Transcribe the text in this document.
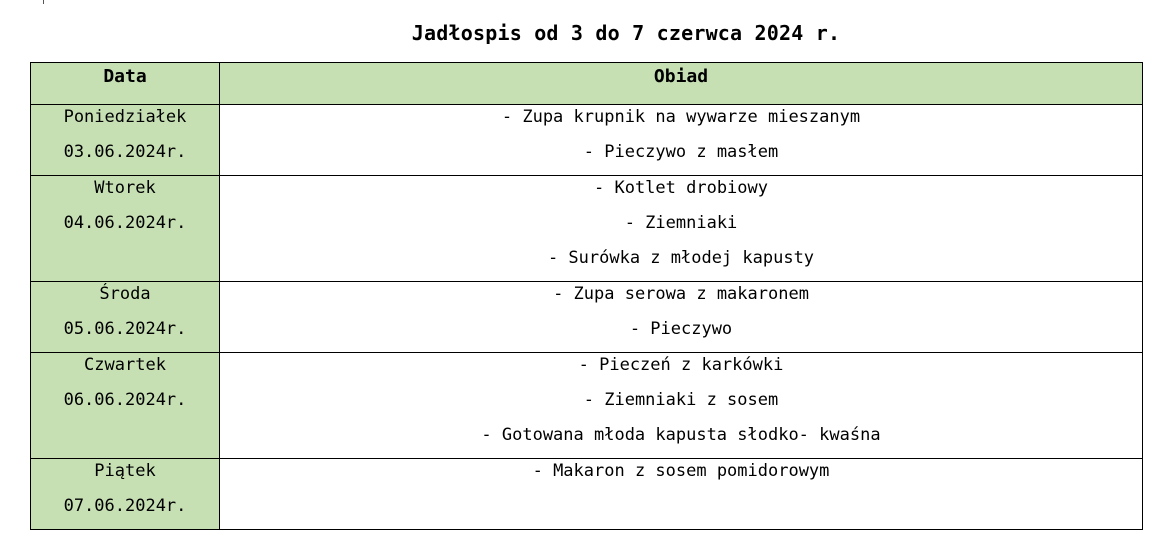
Jadłospis od 3 do 7 czerwca 2024 r.
Data	Obiad

Poniedziałek
03.06.2024r.	- Zupa krupnik na wywarze mieszanym
- Pieczywo z masłem

Wtorek
04.06.2024r.	- Kotlet drobiowy
- Ziemniaki
- Surówka z młodej kapusty

Środa
05.06.2024r.	- Zupa serowa z makaronem
- Pieczywo

Czwartek
06.06.2024r.	- Pieczeń z karkówki
- Ziemniaki z sosem
- Gotowana młoda kapusta słodko- kwaśna

Piątek
07.06.2024r.	- Makaron z sosem pomidorowym
